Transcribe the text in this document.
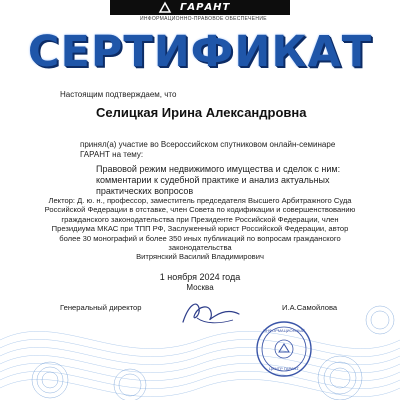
ГАРАНТ
ИНФОРМАЦИОННО-ПРАВОВОЕ ОБЕСПЕЧЕНИЕ
СЕРТИФИКАТ
Настоящим подтверждаем, что
Селицкая Ирина Александровна
принял(а) участие во Всероссийском спутниковом онлайн-семинаре
ГАРАНТ на тему:
Правовой режим недвижимого имущества и сделок с ним: комментарии к судебной практике и анализ актуальных практических вопросов
Лектор: Д. ю. н., профессор, заместитель председателя Высшего Арбитражного Суда
Российской Федерации в отставке, член Совета по кодификации и совершенствованию
гражданского законодательства при Президенте Российской Федерации, член
Президиума МКАС при ТПП РФ, Заслуженный юрист Российской Федерации, автор
более 30 монографий и более 350 иных публикаций по вопросам гражданского
законодательства
Витрянский Василий Владимирович
1 ноября 2024 года
Москва
Генеральный директор	И.А.Самойлова
ИНФОРМАЦИОННЫЙ
ЦЕНТР ГАРАНТ
